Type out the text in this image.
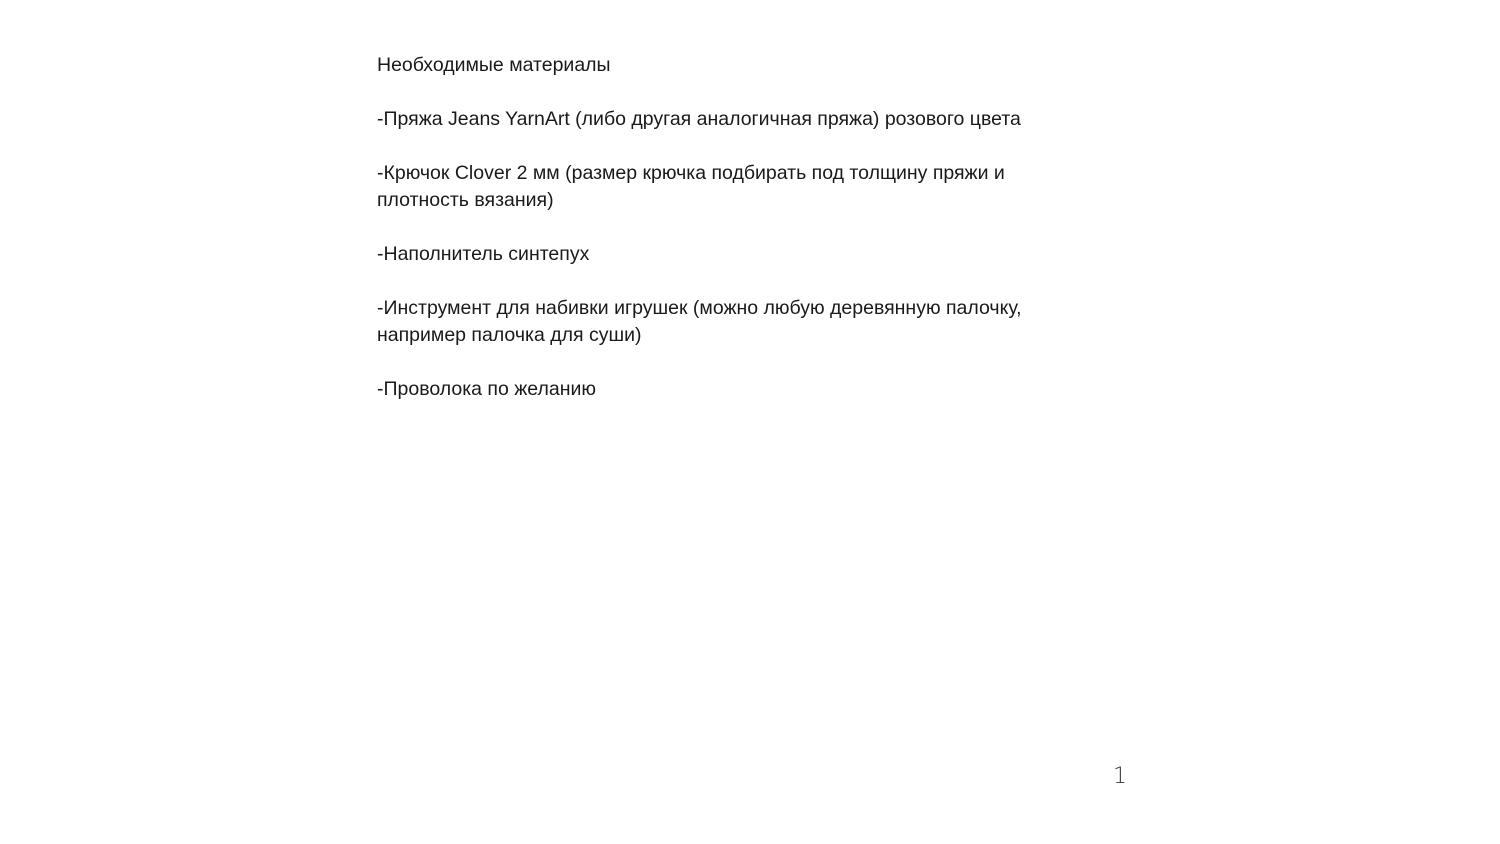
Необходимые материалы

-Пряжа Jeans YarnArt (либо другая аналогичная пряжа) розового цвета

-Крючок Clover 2 мм (размер крючка подбирать под толщину пряжи и плотность вязания)

-Наполнитель синтепух

-Инструмент для набивки игрушек (можно любую деревянную палочку, например палочка для суши)

-Проволока по желанию

1
